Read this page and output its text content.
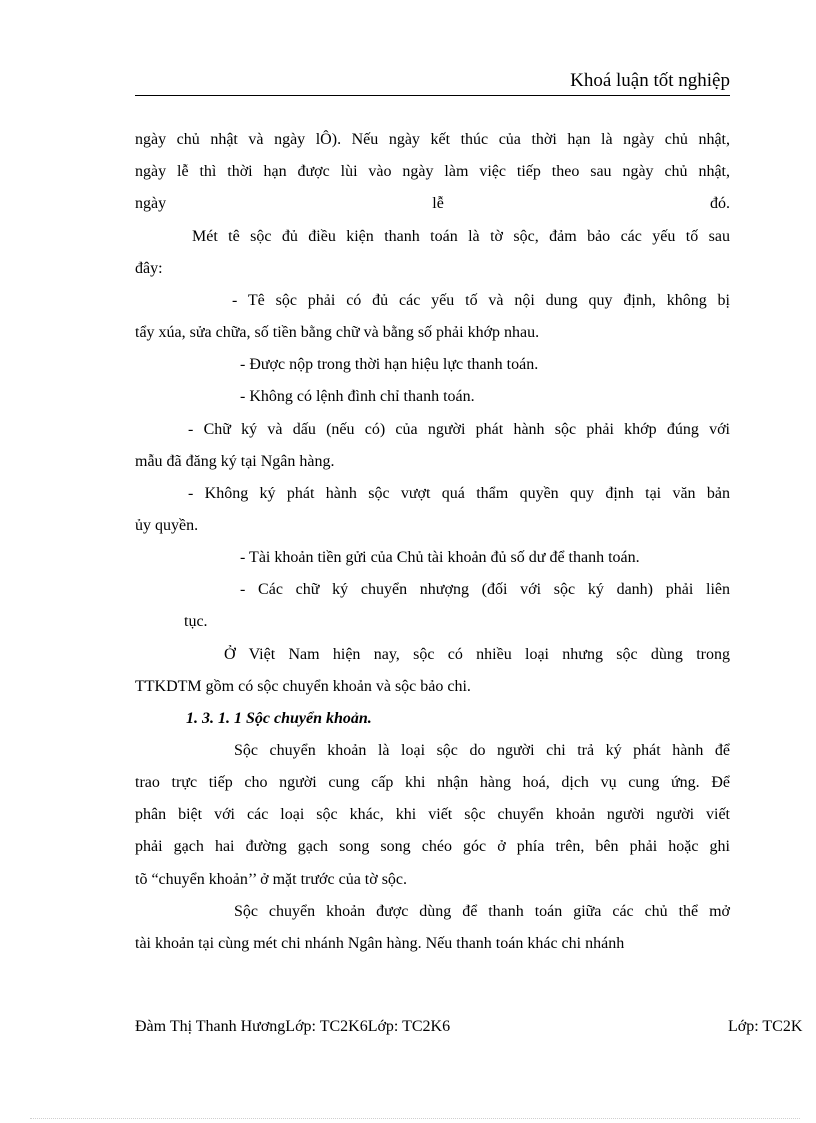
Khoá luận tốt nghiệp
ngày chủ nhật và ngày lÔ). Nếu ngày kết thúc của thời hạn là ngày chủ nhật,
ngày lễ thì thời hạn được lùi vào ngày làm việc tiếp theo sau ngày chủ nhật,
ngày lễ đó.
Mét tê sộc đủ điều kiện thanh toán là tờ sộc, đảm bảo các yếu tố sau
đây:
- Tê sộc phải có đủ các yếu tố và nội dung quy định, không bị
tẩy xúa, sửa chữa, số tiền bằng chữ và bằng số phải khớp nhau.
- Được nộp trong thời hạn hiệu lực thanh toán.
- Không có lệnh đình chỉ thanh toán.
- Chữ ký và dấu (nếu có) của người phát hành sộc phải khớp đúng với
mẫu đã đăng ký tại Ngân hàng.
- Không ký phát hành sộc vượt quá thẩm quyền quy định tại văn bản
ủy quyền.
- Tài khoản tiền gửi của Chủ tài khoản đủ số dư để thanh toán.
- Các chữ ký chuyển nhượng (đối với sộc ký danh) phải liên
tục.
Ở Việt Nam hiện nay, sộc có nhiều loại nhưng sộc dùng trong
TTKDTM gồm có sộc chuyển khoản và sộc bảo chi.
1. 3. 1. 1 Sộc chuyển khoản.
Sộc chuyển khoản là loại sộc do người chi trả ký phát hành để
trao trực tiếp cho người cung cấp khi nhận hàng hoá, dịch vụ cung ứng. Để
phân biệt với các loại sộc khác, khi viết sộc chuyển khoản người người viết
phải gạch hai đường gạch song song chéo góc ở phía trên, bên phải hoặc ghi
tõ “chuyển khoản’’ ở mặt trước của tờ sộc.
Sộc chuyển khoản được dùng để thanh toán giữa các chủ thể mở
tài khoản tại cùng mét chi nhánh Ngân hàng. Nếu thanh toán khác chi nhánh
Đàm Thị Thanh HươngLớp: TC2K6Lớp: TC2K6	Lớp: TC2K
